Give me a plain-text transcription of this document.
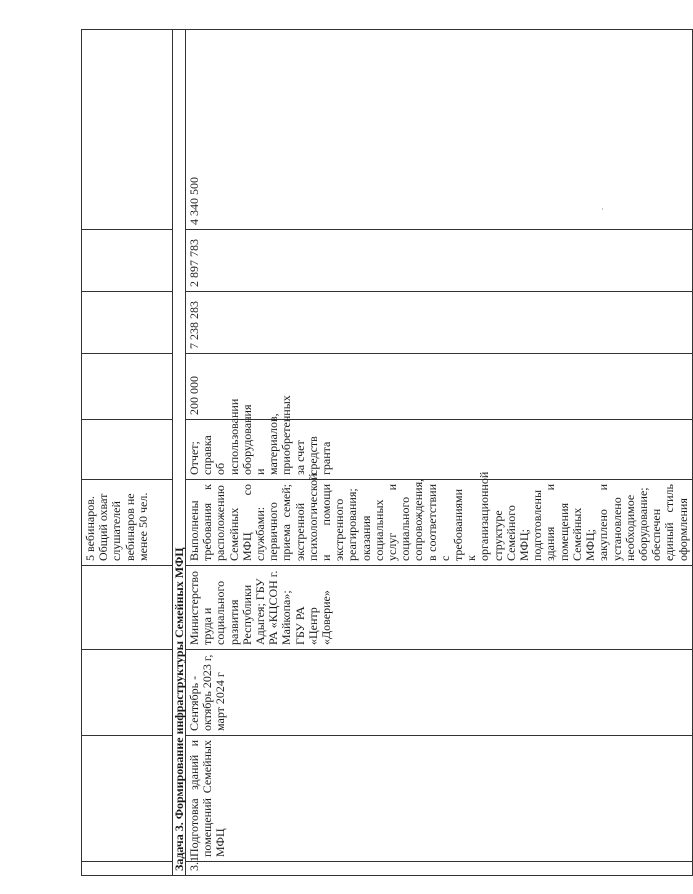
				5 вебинаров. Общий охват слушателей вебинаров не менее 50 чел.					
Задача 3. Формирование инфраструктуры Семейных МФЦ									
3.1	Подготовка зданий и помещений Семейных МФЦ	Сентябрь - октябрь 2023 г, март 2024 г	Министерство труда и социального развития Республики Адыгея; ГБУ РА «КЦСОН г. Майкопа»; ГБУ РА «Центр «Доверие»	Выполнены требования к расположению Семейных МФЦ со службами: первичного приема семей; экстренной психологической и помощи экстренного реагирования; оказания социальных услуг и социального сопровождения, в соответствии с требованиями к организационной структуре Семейного МФЦ; подготовлены здания и помещения Семейных МФЦ; закуплено и установлено необходимое оборудование; обеспечен единый стиль оформления	Отчет; справка об использовании оборудования и материалов, приобретенных за счет средств гранта	200 000	7 238 283	2 897 783	4 340 500
